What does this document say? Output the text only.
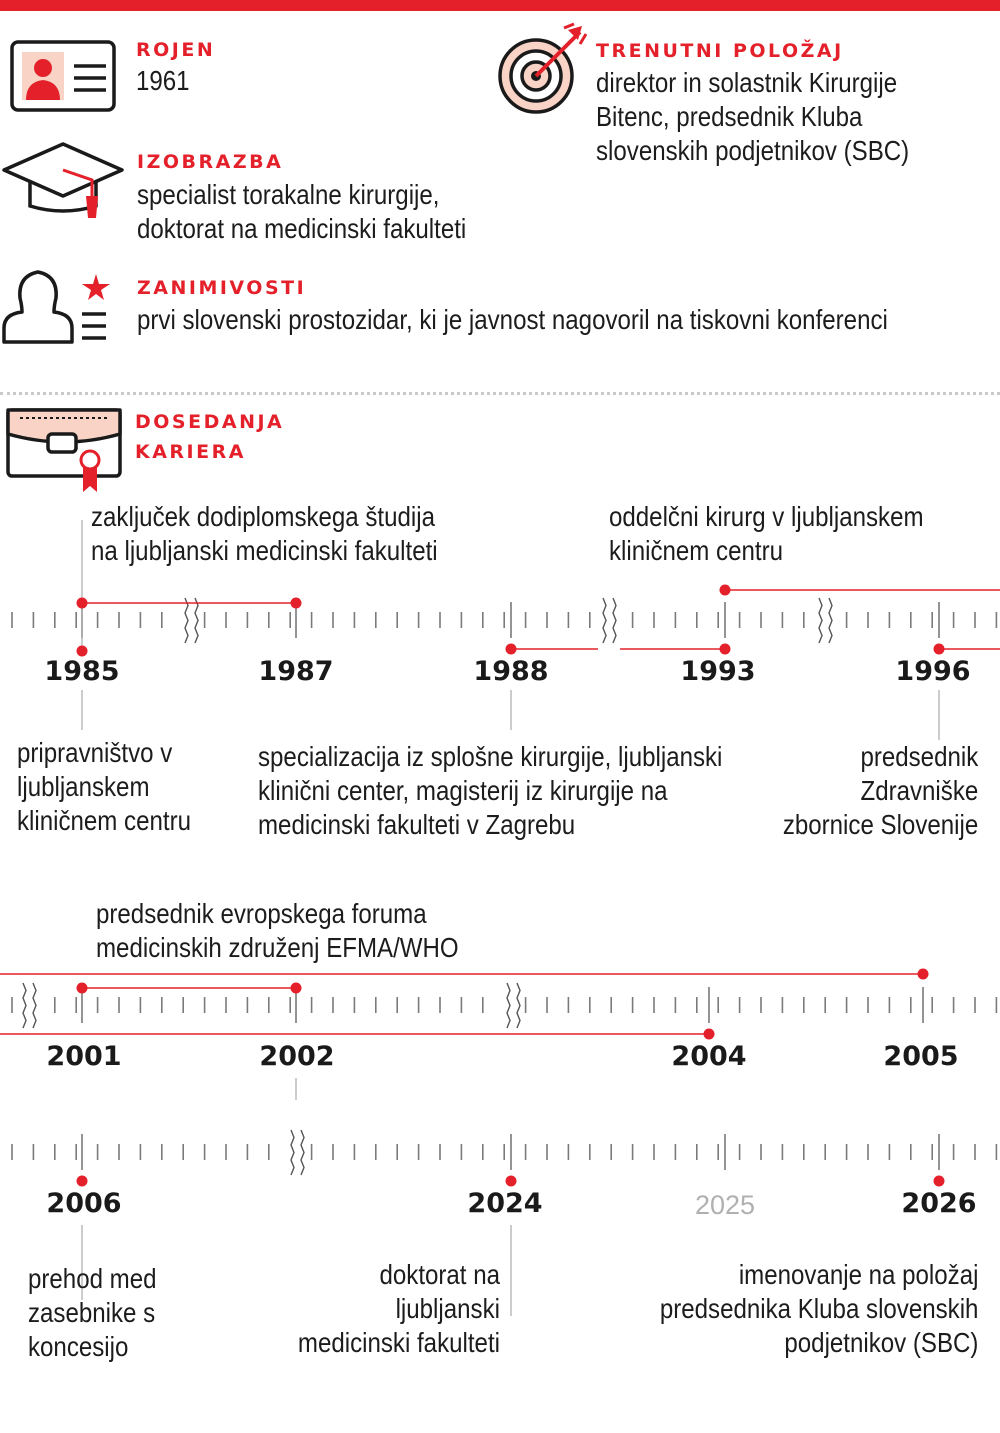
ROJEN
1961
TRENUTNI POLOŽAJ
direktor in solastnik Kirurgije
Bitenc, predsednik Kluba
slovenskih podjetnikov (SBC)
IZOBRAZBA
specialist torakalne kirurgije,
doktorat na medicinski fakulteti
ZANIMIVOSTI
prvi slovenski prostozidar, ki je javnost nagovoril na tiskovni konferenci
DOSEDANJA
KARIERA
1985	1987	1988	1993	1996
zaključek dodiplomskega študija
na ljubljanski medicinski fakulteti
oddelčni kirurg v ljubljanskem
kliničnem centru
pripravništvo v
ljubljanskem
kliničnem centru
specializacija iz splošne kirurgije, ljubljanski
klinični center, magisterij iz kirurgije na
medicinski fakulteti v Zagrebu
predsednik
Zdravniške
zbornice Slovenije
2001	2002	2004	2005
predsednik evropskega foruma
medicinskih združenj EFMA/WHO
2006	2024	2025	2026
prehod med
zasebnike s
koncesijo
doktorat na
ljubljanski
medicinski fakulteti
imenovanje na položaj
predsednika Kluba slovenskih
podjetnikov (SBC)
